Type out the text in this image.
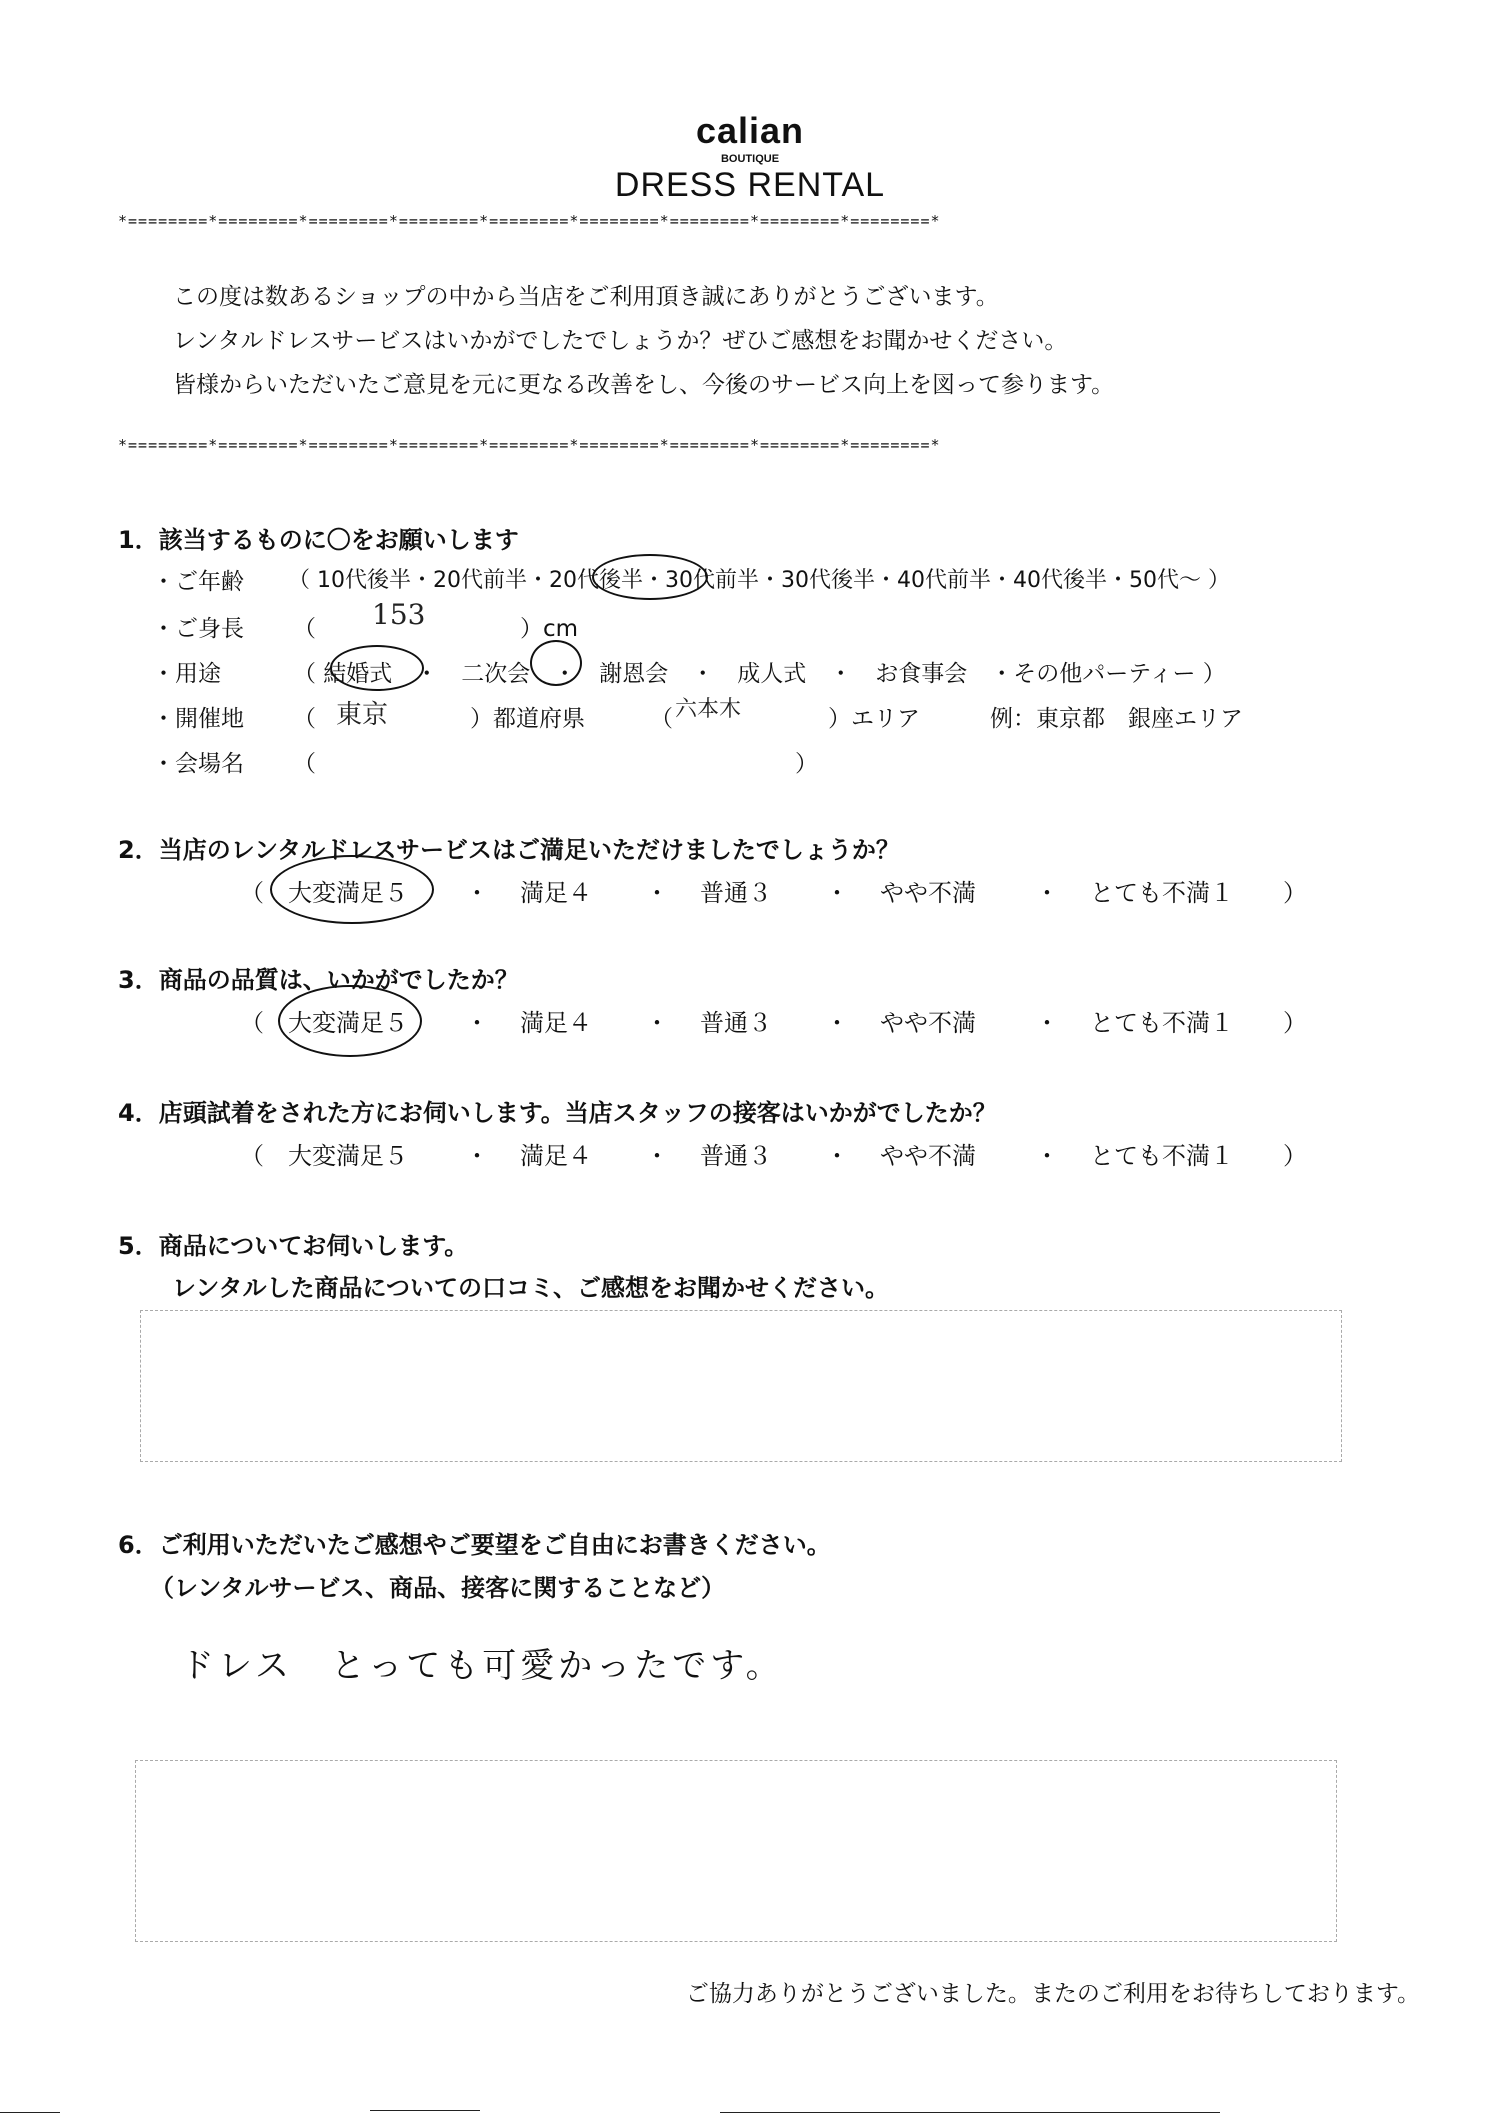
calian
BOUTIQUE
DRESS RENTAL
*========*========*========*========*========*========*========*========*========*
この度は数あるショップの中から当店をご利用頂き誠にありがとうございます。
レンタルドレスサービスはいかがでしたでしょうか？ぜひご感想をお聞かせください。
皆様からいただいたご意見を元に更なる改善をし、今後のサービス向上を図って参ります。
*========*========*========*========*========*========*========*========*========*
1．該当するものに〇をお願いします
・ご年齢 （ 10代後半・20代前半・20代後半・30代前半・30代後半・40代前半・40代後半・50代～ ）
・ご身長 （ 153	）cm
・用途	（ 結婚式　・　二次会　・　謝恩会　・　成人式　・　お食事会　・その他パーティー ）
・開催地 （ 東京	）都道府県	（ 六本木	）エリア	例：東京都　銀座エリア
・会場名 （	）
2．当店のレンタルドレスサービスはご満足いただけましたでしょうか？
（ 大変満足５ ・ 満足４ ・ 普通３ ・ やや不満 ・ とても不満１ ）
3．商品の品質は、いかがでしたか？
（ 大変満足５ ・ 満足４ ・ 普通３ ・ やや不満 ・ とても不満１ ）
4．店頭試着をされた方にお伺いします。当店スタッフの接客はいかがでしたか？
（ 大変満足５ ・ 満足４ ・ 普通３ ・ やや不満 ・ とても不満１ ）
5．商品についてお伺いします。
レンタルした商品についての口コミ、ご感想をお聞かせください。
6．ご利用いただいたご感想やご要望をご自由にお書きください。
（レンタルサービス、商品、接客に関することなど）
ドレス　とっても可愛かったです。
ご協力ありがとうございました。またのご利用をお待ちしております。
